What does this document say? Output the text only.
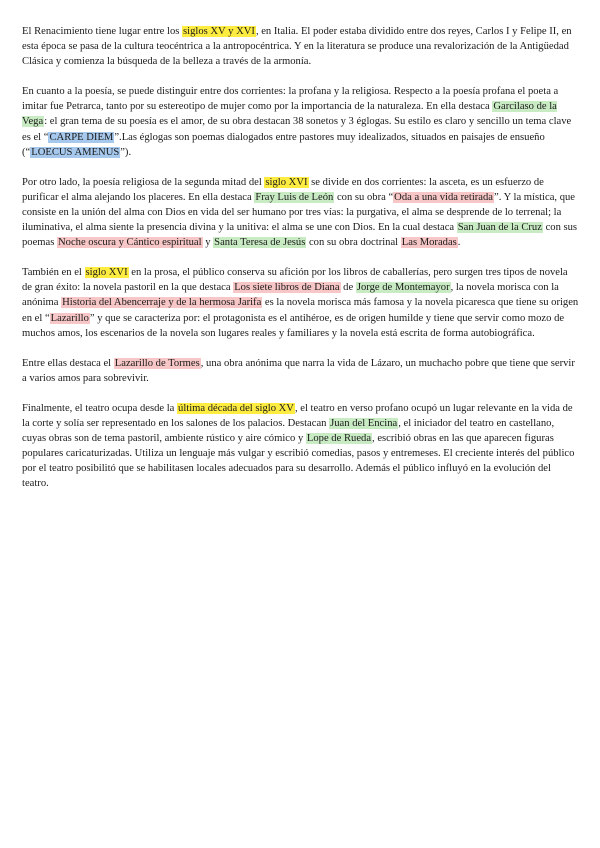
El Renacimiento tiene lugar entre los siglos XV y XVI, en Italia. El poder estaba dividido entre dos reyes, Carlos I y Felipe II, en esta época se pasa de la cultura teocéntrica a la antropocéntrica. Y en la literatura se produce una revalorización de la Antigüedad Clásica y comienza la búsqueda de la belleza a través de la armonía.

En cuanto a la poesía, se puede distinguir entre dos corrientes: la profana y la religiosa. Respecto a la poesía profana el poeta a imitar fue Petrarca, tanto por su estereotipo de mujer como por la importancia de la naturaleza. En ella destaca Garcilaso de la Vega: el gran tema de su poesía es el amor, de su obra destacan 38 sonetos y 3 églogas. Su estilo es claro y sencillo un tema clave es el “CARPE DIEM”.Las églogas son poemas dialogados entre pastores muy idealizados, situados en paisajes de ensueño (“LOECUS AMENUS”).

Por otro lado, la poesía religiosa de la segunda mitad del siglo XVI se divide en dos corrientes: la asceta, es un esfuerzo de purificar el alma alejando los placeres. En ella destaca Fray Luis de León con su obra “Oda a una vida retirada”. Y la mística, que consiste en la unión del alma con Dios en vida del ser humano por tres vías: la purgativa, el alma se desprende de lo terrenal; la iluminativa, el alma siente la presencia divina y la unitiva: el alma se une con Dios. En la cual destaca San Juan de la Cruz con sus poemas Noche oscura y Cántico espiritual y Santa Teresa de Jesús con su obra doctrinal Las Moradas.

También en el siglo XVI en la prosa, el público conserva su afición por los libros de caballerías, pero surgen tres tipos de novela de gran éxito: la novela pastoril en la que destaca Los siete libros de Diana de Jorge de Montemayor, la novela morisca con la anónima Historia del Abencerraje y de la hermosa Jarifa es la novela morisca más famosa y la novela picaresca que tiene su origen en el “Lazarillo” y que se caracteriza por: el protagonista es el antihéroe, es de origen humilde y tiene que servir como mozo de muchos amos, los escenarios de la novela son lugares reales y familiares y la novela está escrita de forma autobiográfica.

Entre ellas destaca el Lazarillo de Tormes, una obra anónima que narra la vida de Lázaro, un muchacho pobre que tiene que servir a varios amos para sobrevivir.

Finalmente, el teatro ocupa desde la última década del siglo XV, el teatro en verso profano ocupó un lugar relevante en la vida de la corte y solía ser representado en los salones de los palacios. Destacan Juan del Encina, el iniciador del teatro en castellano, cuyas obras son de tema pastoril, ambiente rústico y aire cómico y Lope de Rueda, escribió obras en las que aparecen figuras populares caricaturizadas. Utiliza un lenguaje más vulgar y escribió comedias, pasos y entremeses. El creciente interés del público por el teatro posibilitó que se habilitasen locales adecuados para su desarrollo. Además el público influyó en la evolución del teatro.
